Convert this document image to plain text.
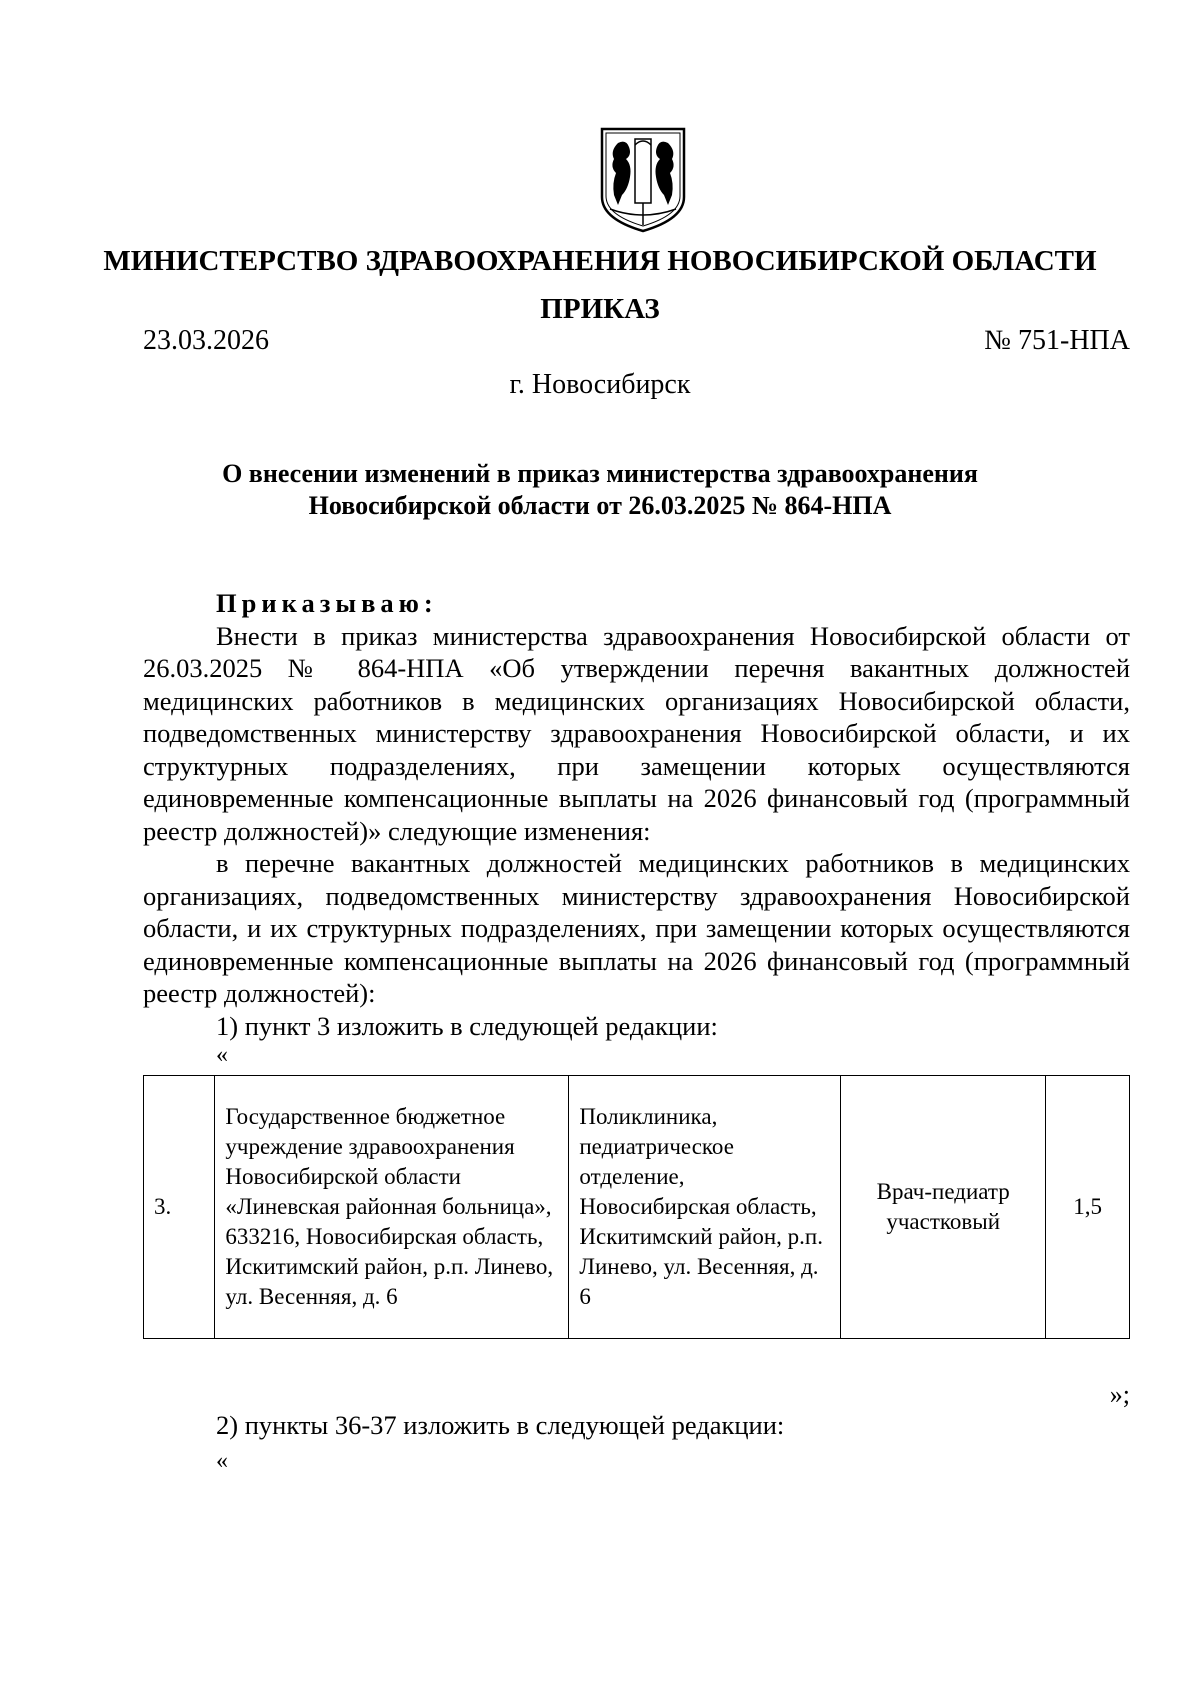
МИНИСТЕРСТВО ЗДРАВООХРАНЕНИЯ НОВОСИБИРСКОЙ ОБЛАСТИ
ПРИКАЗ
23.03.2026	№ 751-НПА
г. Новосибирск
О внесении изменений в приказ министерства здравоохранения
Новосибирской области от 26.03.2025 № 864-НПА
Приказываю:

Внести в приказ министерства здравоохранения Новосибирской области от 26.03.2025 № 864-НПА «Об утверждении перечня вакантных должностей медицинских работников в медицинских организациях Новосибирской области, подведомственных министерству здравоохранения Новосибирской области, и их структурных подразделениях, при замещении которых осуществляются единовременные компенсационные выплаты на 2026 финансовый год (программный реестр должностей)» следующие изменения:

в перечне вакантных должностей медицинских работников в медицинских организациях, подведомственных министерству здравоохранения Новосибирской области, и их структурных подразделениях, при замещении которых осуществляются единовременные компенсационные выплаты на 2026 финансовый год (программный реестр должностей):

1) пункт 3 изложить в следующей редакции:

«

3.	Государственное бюджетное учреждение здравоохранения Новосибирской области «Линевская районная больница», 633216, Новосибирская область, Искитимский район, р.п. Линево, ул. Весенняя, д. 6	Поликлиника, педиатрическое отделение, Новосибирская область, Искитимский район, р.п. Линево, ул. Весенняя, д. 6	Врач-педиатр участковый	1,5
»;
2) пункты 36-37 изложить в следующей редакции:
«
